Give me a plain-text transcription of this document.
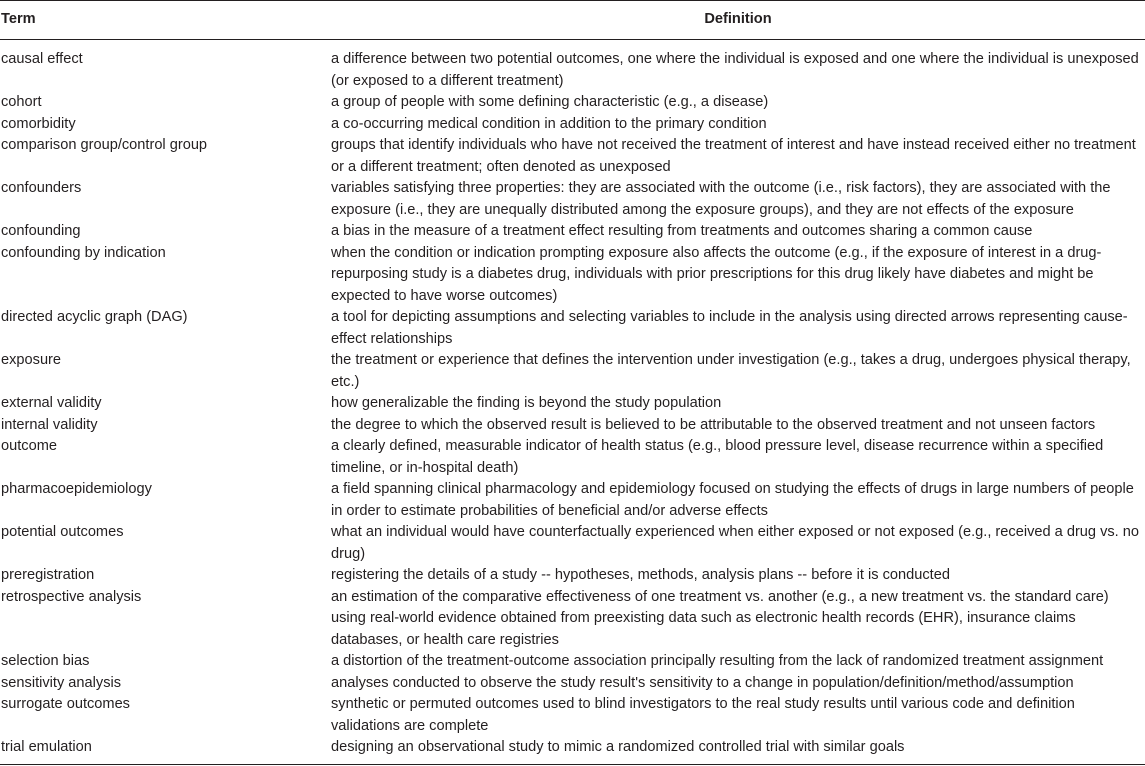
Term	Definition
causal effect	a difference between two potential outcomes, one where the individual is exposed and one where the individual is unexposed (or exposed to a different treatment)
cohort	a group of people with some defining characteristic (e.g., a disease)
comorbidity	a co-occurring medical condition in addition to the primary condition
comparison group/control group	groups that identify individuals who have not received the treatment of interest and have instead received either no treatment or a different treatment; often denoted as unexposed
confounders	variables satisfying three properties: they are associated with the outcome (i.e., risk factors), they are associated with the exposure (i.e., they are unequally distributed among the exposure groups), and they are not effects of the exposure
confounding	a bias in the measure of a treatment effect resulting from treatments and outcomes sharing a common cause
confounding by indication	when the condition or indication prompting exposure also affects the outcome (e.g., if the exposure of interest in a drug-repurposing study is a diabetes drug, individuals with prior prescriptions for this drug likely have diabetes and might be expected to have worse outcomes)
directed acyclic graph (DAG)	a tool for depicting assumptions and selecting variables to include in the analysis using directed arrows representing cause-effect relationships
exposure	the treatment or experience that defines the intervention under investigation (e.g., takes a drug, undergoes physical therapy, etc.)
external validity	how generalizable the finding is beyond the study population
internal validity	the degree to which the observed result is believed to be attributable to the observed treatment and not unseen factors
outcome	a clearly defined, measurable indicator of health status (e.g., blood pressure level, disease recurrence within a specified timeline, or in-hospital death)
pharmacoepidemiology	a field spanning clinical pharmacology and epidemiology focused on studying the effects of drugs in large numbers of people in order to estimate probabilities of beneficial and/or adverse effects
potential outcomes	what an individual would have counterfactually experienced when either exposed or not exposed (e.g., received a drug vs. no drug)
preregistration	registering the details of a study -- hypotheses, methods, analysis plans -- before it is conducted
retrospective analysis	an estimation of the comparative effectiveness of one treatment vs. another (e.g., a new treatment vs. the standard care) using real-world evidence obtained from preexisting data such as electronic health records (EHR), insurance claims databases, or health care registries
selection bias	a distortion of the treatment-outcome association principally resulting from the lack of randomized treatment assignment
sensitivity analysis	analyses conducted to observe the study result's sensitivity to a change in population/definition/method/assumption
surrogate outcomes	synthetic or permuted outcomes used to blind investigators to the real study results until various code and definition validations are complete
trial emulation	designing an observational study to mimic a randomized controlled trial with similar goals
